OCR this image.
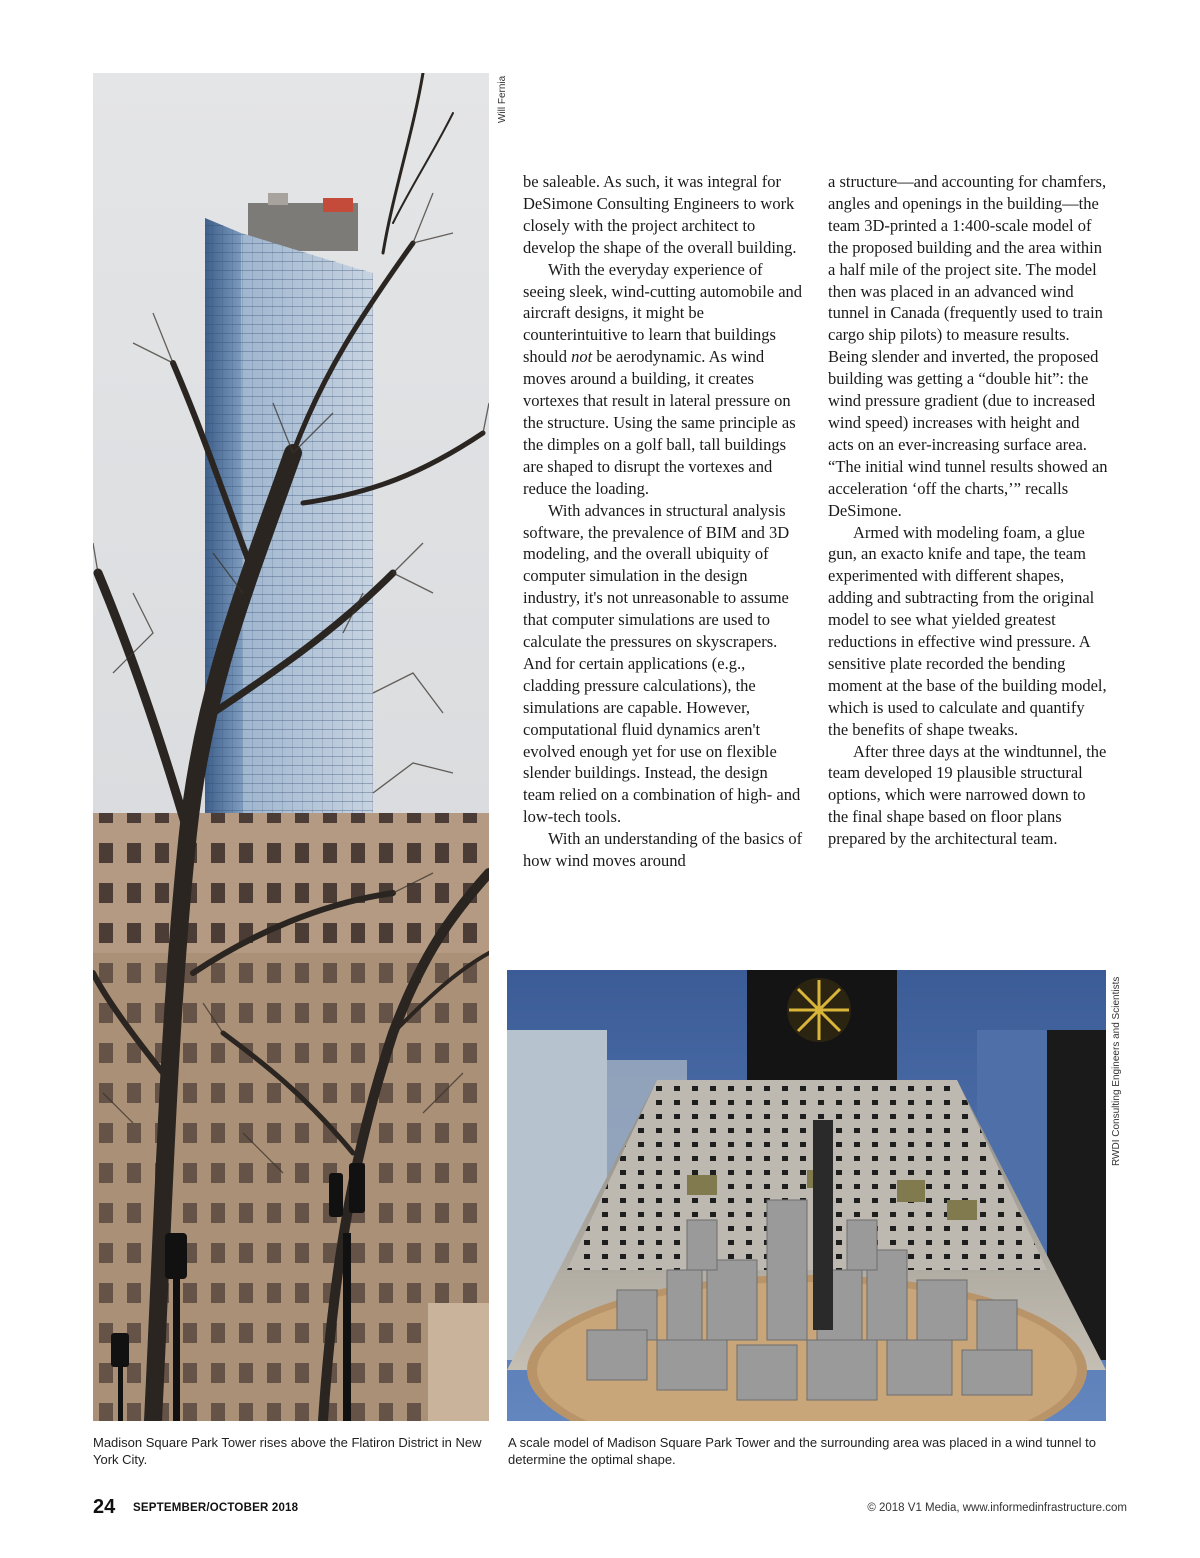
Will Fernia

be saleable. As such, it was integral for DeSimone Consulting Engineers to work closely with the project architect to develop the shape of the overall building.

With the everyday experience of seeing sleek, wind-cutting automobile and aircraft designs, it might be counterintuitive to learn that buildings should not be aerodynamic. As wind moves around a building, it creates vortexes that result in lateral pressure on the structure. Using the same principle as the dimples on a golf ball, tall buildings are shaped to disrupt the vortexes and reduce the loading.

With advances in structural analysis software, the prevalence of BIM and 3D modeling, and the overall ubiquity of computer simulation in the design industry, it's not unreasonable to assume that computer simulations are used to calculate the pressures on skyscrapers. And for certain applications (e.g., cladding pressure calculations), the simulations are capable. However, computational fluid dynamics aren't evolved enough yet for use on flexible slender buildings. Instead, the design team relied on a combination of high- and low-tech tools.

With an understanding of the basics of how wind moves around

a structure—and accounting for chamfers, angles and openings in the building—the team 3D-printed a 1:400-scale model of the proposed building and the area within a half mile of the project site. The model then was placed in an advanced wind tunnel in Canada (frequently used to train cargo ship pilots) to measure results. Being slender and inverted, the proposed building was getting a “double hit”: the wind pressure gradient (due to increased wind speed) increases with height and acts on an ever-increasing surface area. “The initial wind tunnel results showed an acceleration ‘off the charts,’” recalls DeSimone.

Armed with modeling foam, a glue gun, an exacto knife and tape, the team experimented with different shapes, adding and subtracting from the original model to see what yielded greatest reductions in effective wind pressure. A sensitive plate recorded the bending moment at the base of the building model, which is used to calculate and quantify the benefits of shape tweaks.

After three days at the windtunnel, the team developed 19 plausible structural options, which were narrowed down to the final shape based on floor plans prepared by the architectural team.

RWDI Consulting Engineers and Scientists
Madison Square Park Tower rises above the Flatiron District in New York City.
A scale model of Madison Square Park Tower and the surrounding area was placed in a wind tunnel to determine the optimal shape.
24 SEPTEMBER/OCTOBER 2018	© 2018 V1 Media, www.informedinfrastructure.com
